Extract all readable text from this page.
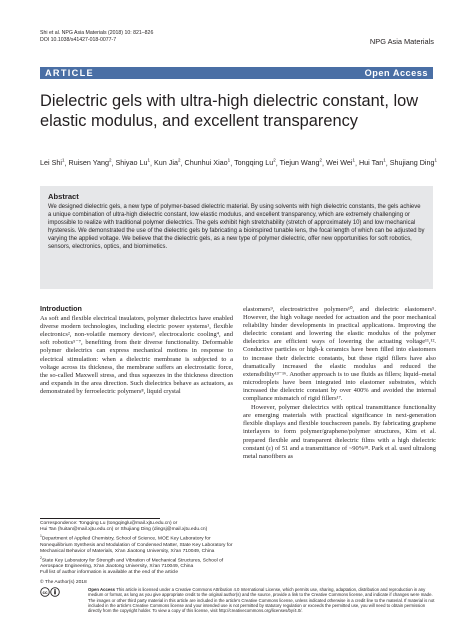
Shi et al. NPG Asia Materials (2018) 10: 821–826
DOI 10.1038/s41427-018-0077-7	NPG Asia Materials
ARTICLE	Open Access
Dielectric gels with ultra-high dielectric constant, low elastic modulus, and excellent transparency
Lei Shi$^1$, Ruisen Yang$^2$, Shiyao Lu$^1$, Kun Jia$^2$, Chunhui Xiao$^1$, Tongqing Lu$^2$, Tiejun Wang$^2$, Wei Wei$^1$, Hui Tan$^1$, Shujiang Ding$^1$
Abstract
We designed dielectric gels, a new type of polymer-based dielectric material. By using solvents with high dielectric constants, the gels achieve a unique combination of ultra-high dielectric constant, low elastic modulus, and excellent transparency, which are extremely challenging or impossible to realize with traditional polymer dielectrics. The gels exhibit high stretchability (stretch of approximately 10) and low mechanical hysteresis. We demonstrated the use of the dielectric gels by fabricating a bioinspired tunable lens, the focal length of which can be adjusted by varying the applied voltage. We believe that the dielectric gels, as a new type of polymer dielectric, offer new opportunities for soft robotics, sensors, electronics, optics, and biomimetics.
Introduction

As soft and flexible electrical insulators, polymer dielectrics have enabled diverse modern technologies, including electric power systems¹, flexible electronics², non-volatile memory devices³, electrocaloric cooling⁴, and soft robotics⁵⁻⁷, benefiting from their diverse functionality. Deformable polymer dielectrics can express mechanical motions in response to electrical stimulation: when a dielectric membrane is subjected to a voltage across its thickness, the membrane suffers an electrostatic force, the so-called Maxwell stress, and thus squeezes in the thickness direction and expands in the area direction. Such dielectrics behave as actuators, as demonstrated by ferroelectric polymers⁸, liquid crystal

elastomers⁹, electrostrictive polymers¹⁰, and dielectric elastomers⁵. However, the high voltage needed for actuation and the poor mechanical reliability hinder developments in practical applications. Improving the dielectric constant and lowering the elastic modulus of the polymer dielectrics are efficient ways of lowering the actuating voltage¹¹,¹². Conductive particles or high-k ceramics have been filled into elastomers to increase their dielectric constants, but these rigid fillers have also dramatically increased the elastic modulus and reduced the extensibility¹³⁻¹⁶. Another approach is to use fluids as fillers; liquid–metal microdroplets have been integrated into elastomer substrates, which increased the dielectric constant by over 400% and avoided the internal compliance mismatch of rigid fillers¹⁷.

However, polymer dielectrics with optical transmittance functionality are emerging materials with practical significance in next-generation flexible displays and flexible touchscreen panels. By fabricating graphene interlayers to form polymer/graphene/polymer structures, Kim et al. prepared flexible and transparent dielectric films with a high dielectric constant (ε) of 51 and a transmittance of ~90%¹⁸. Park et al. used ultralong metal nanofibers as

Correspondence: Tongqing Lu (tongqinglu@mail.xjtu.edu.cn) or
Hui Tan (huitan@mail.xjtu.edu.cn) or Shujiang Ding (dingsj@mail.xjtu.edu.cn)
$^1$Department of Applied Chemistry, School of Science, MOE Key Laboratory for Nonequilibrium Synthesis and Modulation of Condensed Matter, State Key Laboratory for Mechanical Behavior of Materials, Xi'an Jiaotong University, Xi'an 710049, China
$^2$State Key Laboratory for Strength and Vibration of Mechanical Structures, School of Aerospace Engineering, Xi'an Jiaotong University, Xi'an 710049, China
Full list of author information is available at the end of the article
© The Author(s) 2018
cc
Open Access This article is licensed under a Creative Commons Attribution 4.0 International License, which permits use, sharing, adaptation, distribution and reproduction in any medium or format, as long as you give appropriate credit to the original author(s) and the source, provide a link to the Creative Commons license, and indicate if changes were made. The images or other third party material in this article are included in the article's Creative Commons license, unless indicated otherwise in a credit line to the material. If material is not included in the article's Creative Commons license and your intended use is not permitted by statutory regulation or exceeds the permitted use, you will need to obtain permission directly from the copyright holder. To view a copy of this license, visit http://creativecommons.org/licenses/by/4.0/.
